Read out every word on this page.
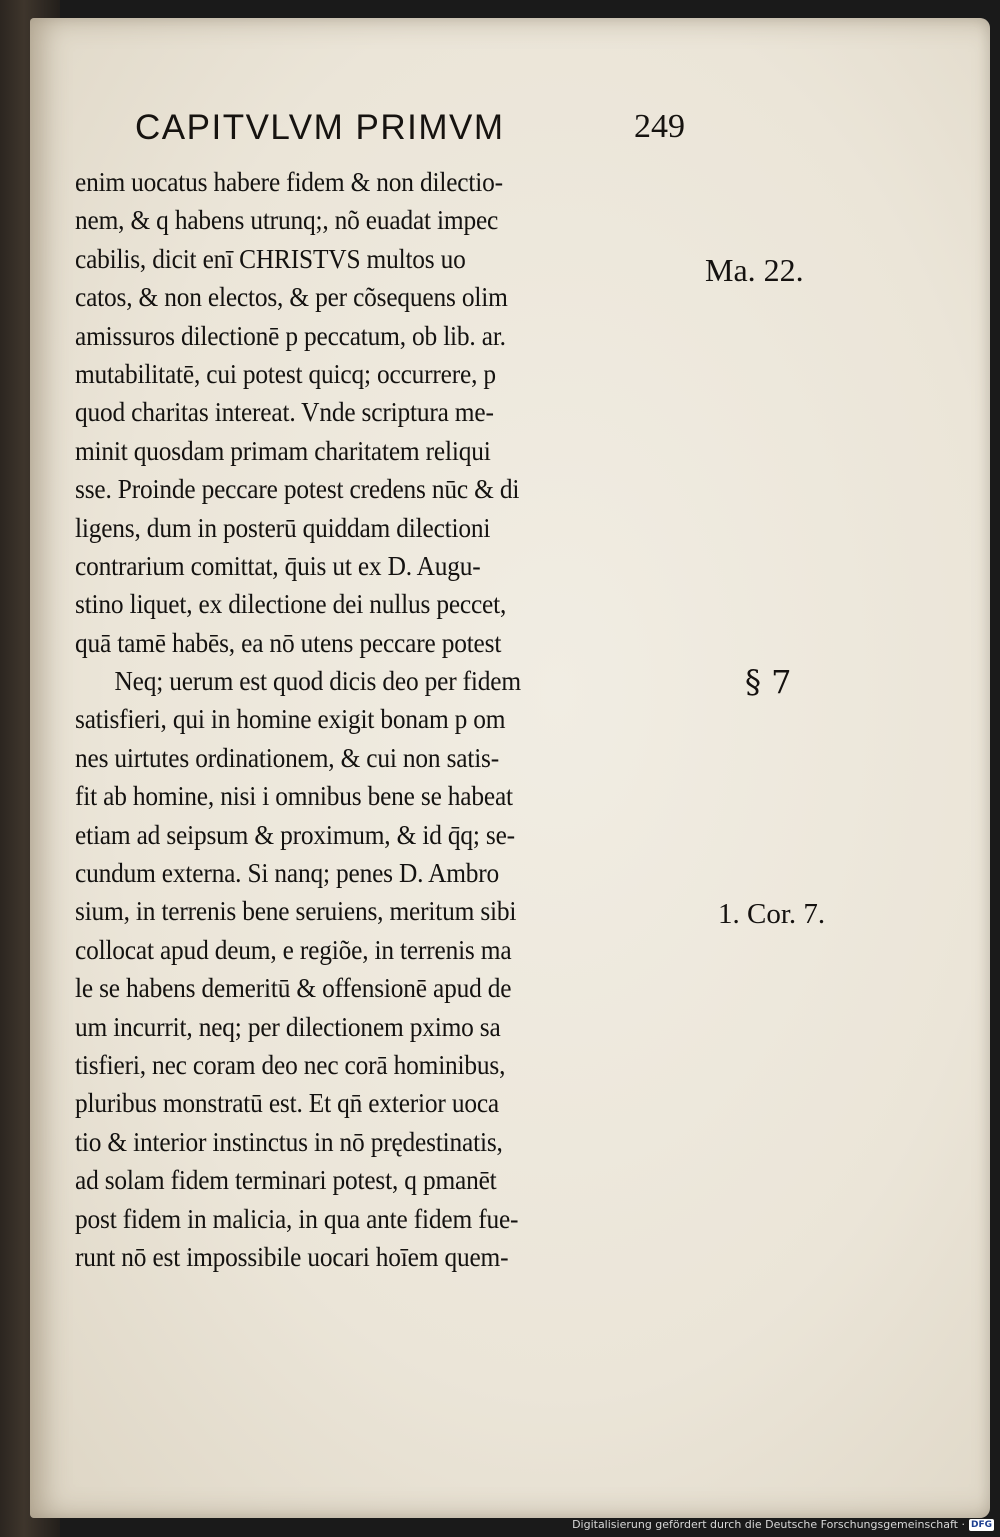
CAPITVLVM PRIMVM	249
enim uocatus habere fidem & non dilectio-
nem, & q habens utrunq;, nõ euadat impec
cabilis, dicit enī CHRISTVS multos uo
catos, & non electos, & per cõsequens olim
amissuros dilectionē p peccatum, ob lib. ar.
mutabilitatē, cui potest quicq; occurrere, p
quod charitas intereat. Vnde scriptura me-
minit quosdam primam charitatem reliqui
sse. Proinde peccare potest credens nūc & di
ligens, dum in posterū quiddam dilectioni
contrarium comittat, q̄uis ut ex D. Augu-
stino liquet, ex dilectione dei nullus peccet,
quā tamē habēs, ea nō utens peccare potest
Neq; uerum est quod dicis deo per fidem
satisfieri, qui in homine exigit bonam p om
nes uirtutes ordinationem, & cui non satis-
fit ab homine, nisi i omnibus bene se habeat
etiam ad seipsum & proximum, & id q̄q; se-
cundum externa. Si nanq; penes D. Ambro
sium, in terrenis bene seruiens, meritum sibi
collocat apud deum, e regiõe, in terrenis ma
le se habens demeritū & offensionē apud de
um incurrit, neq; per dilectionem pximo sa
tisfieri, nec coram deo nec corā hominibus,
pluribus monstratū est. Et qn̄ exterior uoca
tio & interior instinctus in nō prędestinatis,
ad solam fidem terminari potest, q pmanēt
post fidem in malicia, in qua ante fidem fue-
runt nō est impossibile uocari hoīem quem-
Ma. 22.
§ 7
1. Cor. 7.
Digitalisierung gefördert durch die Deutsche Forschungsgemeinschaft · DFG
